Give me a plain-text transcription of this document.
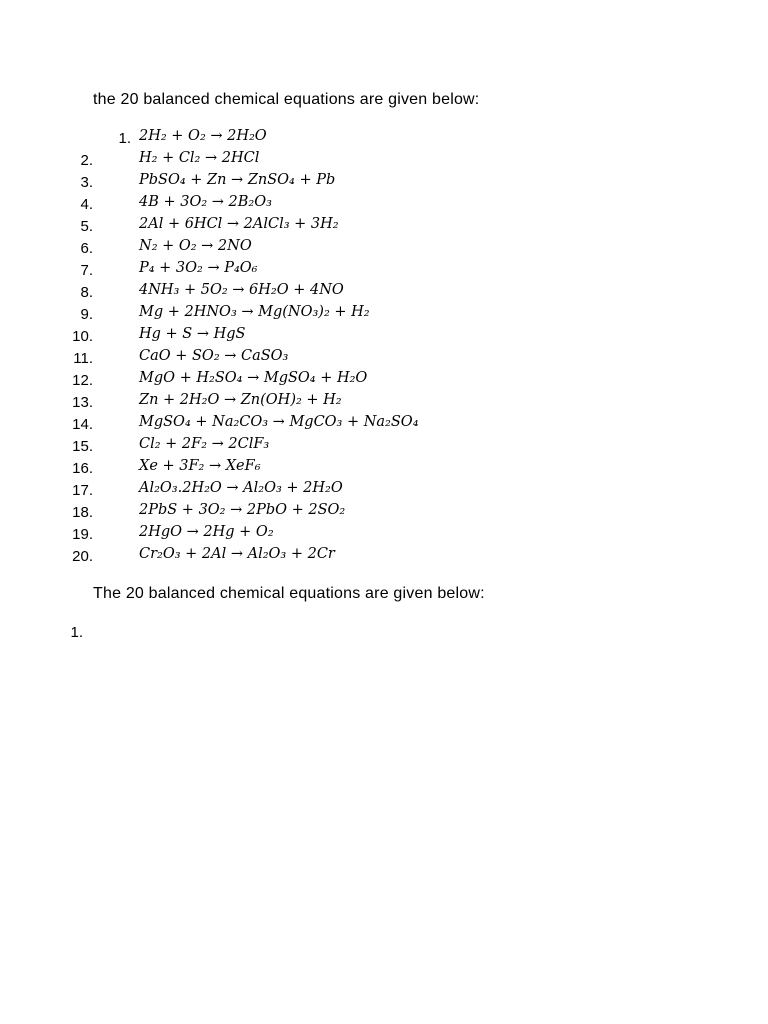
the 20 balanced chemical equations are given below:
1. 2H₂ + O₂ → 2H₂O
2.	H₂ + Cl₂ → 2HCl
3.	PbSO₄ + Zn → ZnSO₄ + Pb
4.	4B + 3O₂ → 2B₂O₃
5.	2Al + 6HCl → 2AlCl₃ + 3H₂
6.	N₂ + O₂ → 2NO
7.	P₄ + 3O₂ → P₄O₆
8.	4NH₃ + 5O₂ → 6H₂O + 4NO
9.	Mg + 2HNO₃ → Mg(NO₃)₂ + H₂
10.	Hg + S → HgS
11.	CaO + SO₂ → CaSO₃
12.	MgO + H₂SO₄ → MgSO₄ + H₂O
13.	Zn + 2H₂O → Zn(OH)₂ + H₂
14.	MgSO₄ + Na₂CO₃ → MgCO₃ + Na₂SO₄
15.	Cl₂ + 2F₂ → 2ClF₃
16.	Xe + 3F₂ → XeF₆
17.	Al₂O₃.2H₂O → Al₂O₃ + 2H₂O
18.	2PbS + 3O₂ → 2PbO + 2SO₂
19.	2HgO → 2Hg + O₂
20.	Cr₂O₃ + 2Al → Al₂O₃ + 2Cr
The 20 balanced chemical equations are given below:
1.
